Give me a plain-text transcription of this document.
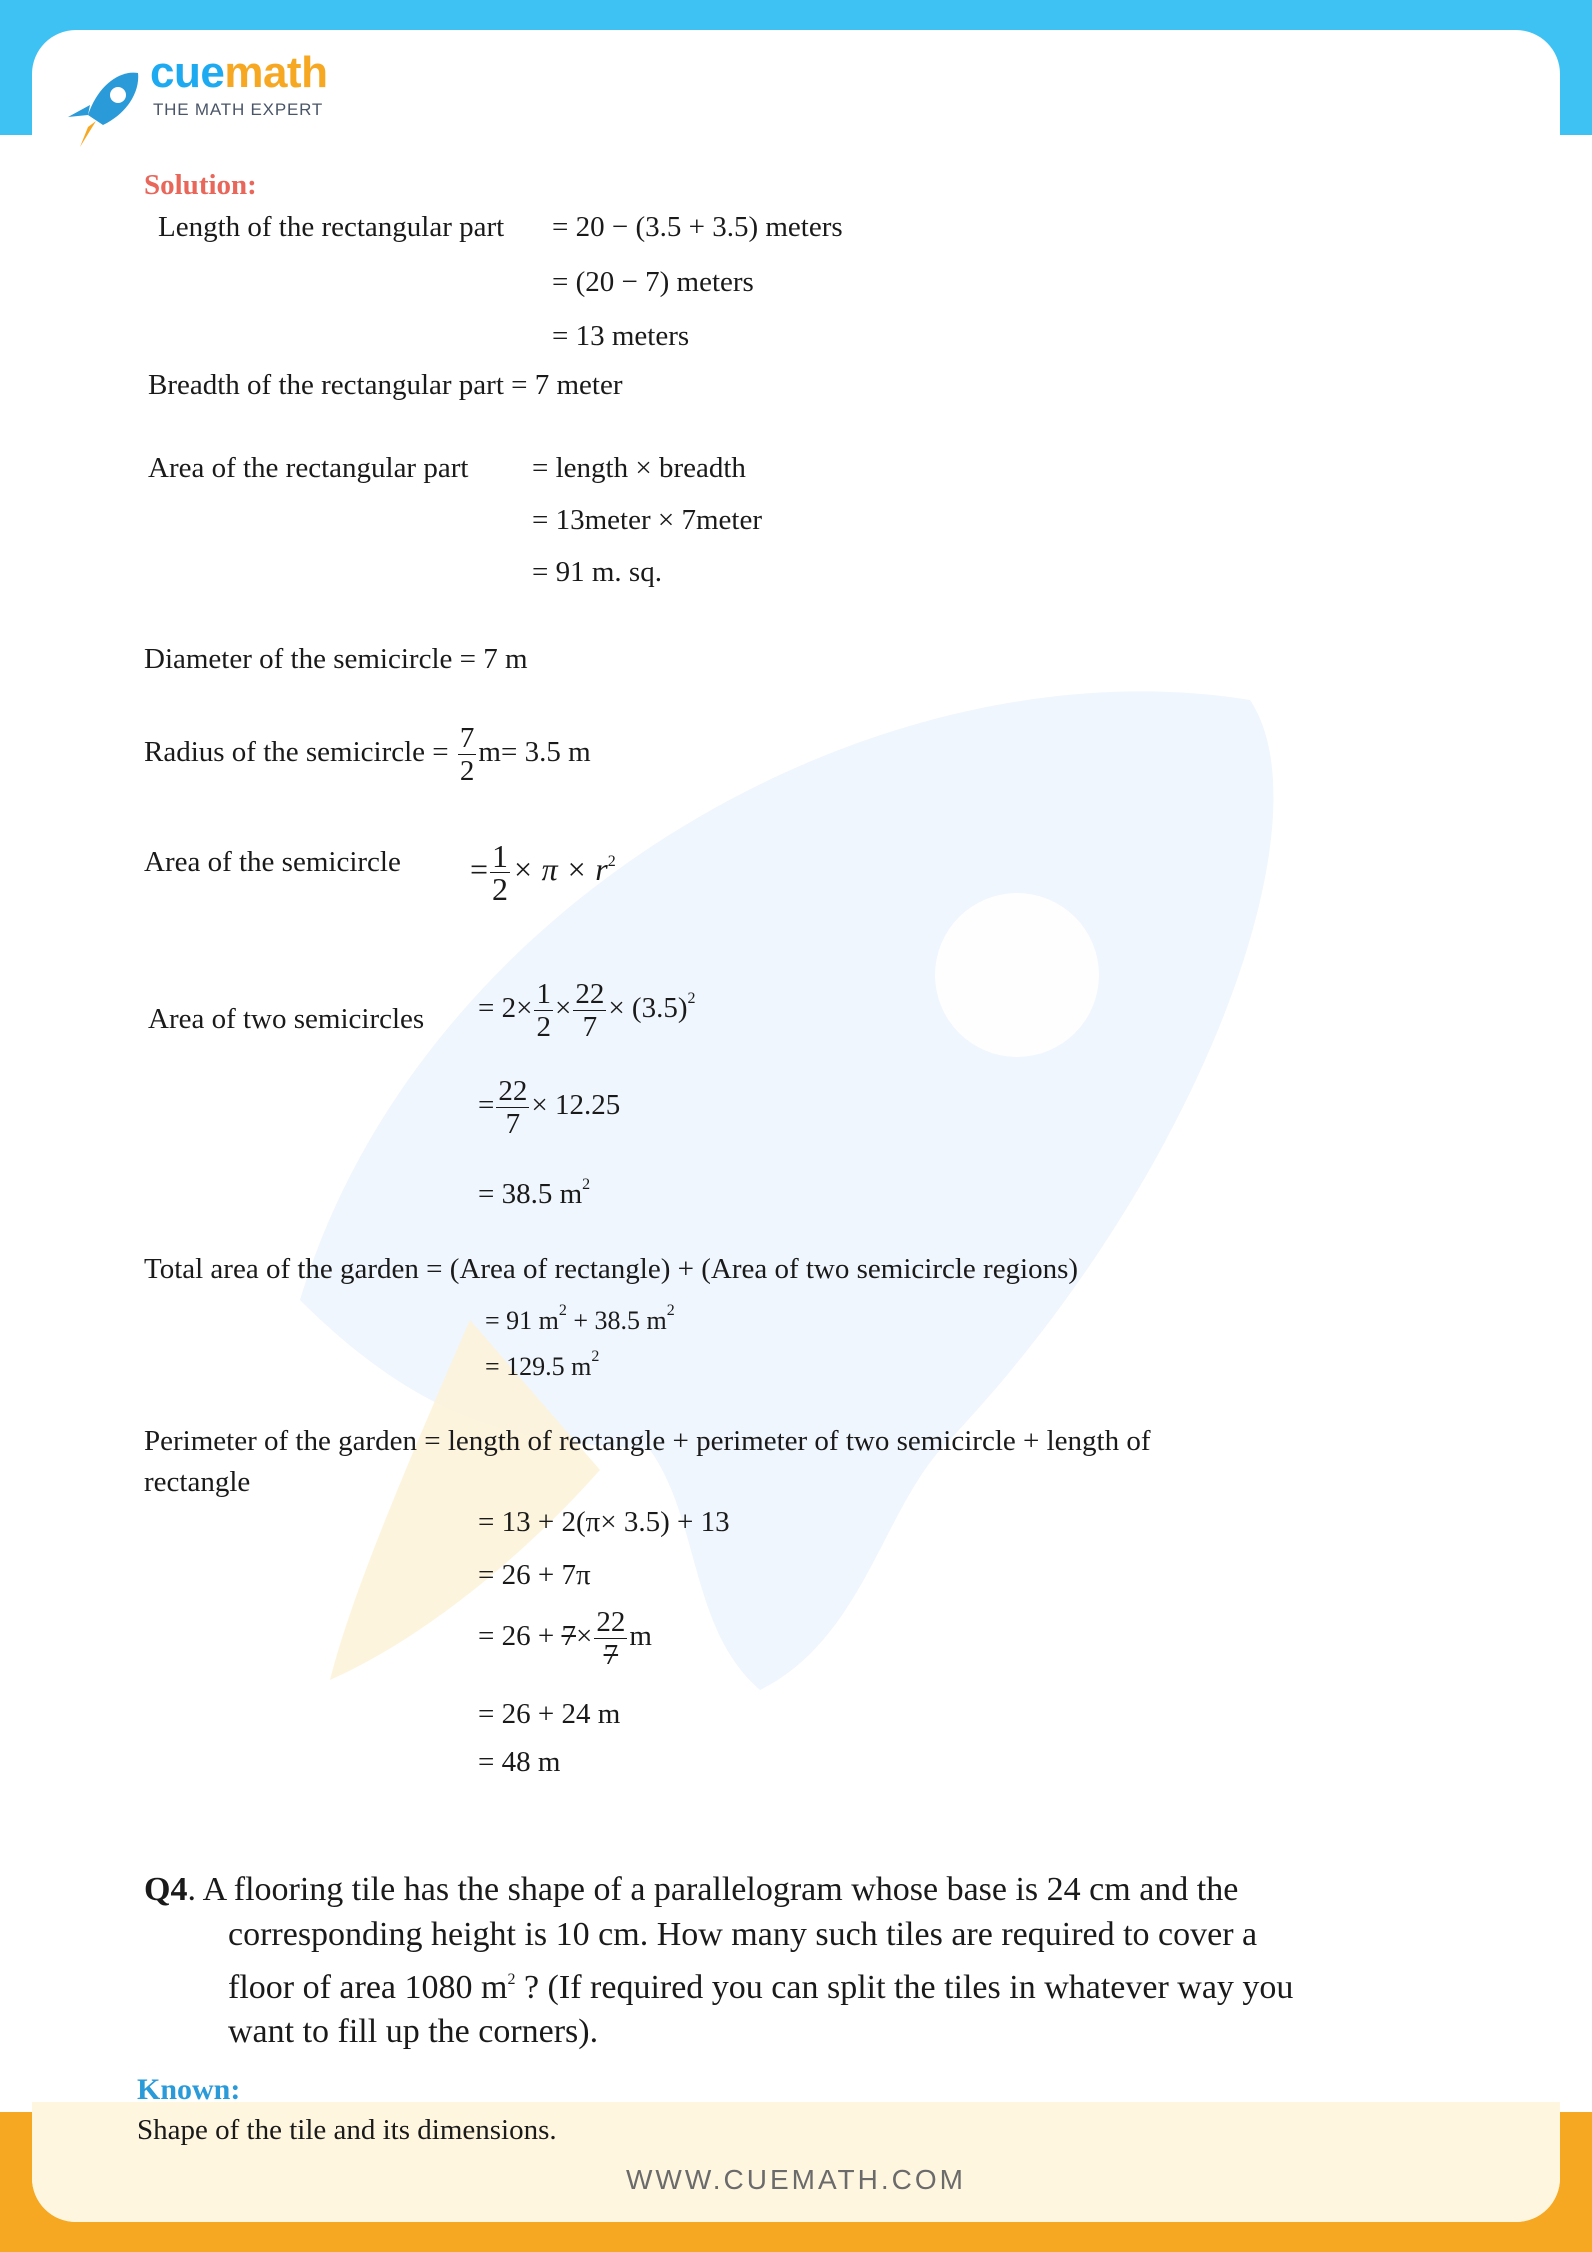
cuemath
THE MATH EXPERT
Solution:
Length of the rectangular part = 20 − (3.5 + 3.5) meters
= (20 − 7) meters
= 13 meters
Breadth of the rectangular part = 7 meter
Area of the rectangular part = length × breadth
= 13meter × 7meter
= 91 m. sq.
Diameter of the semicircle = 7 m
Radius of the semicircle = $\frac{7}{2} m= 3.5$ m
Area of the semicircle = $\frac{1}{2} \times \pi \times r^2$
Area of two semicircles = $2\times \frac{1}{2} \times \frac{22}{7} \times (3.5)^2$
= $\frac{22}{7} \times 12.25$
= 38.5 $m^2$
Total area of the garden = (Area of rectangle) + (Area of two semicircle regions)
= 91 $m^2 + 38.5$ $m^2$
= 129.5 $m^2$
Perimeter of the garden = length of rectangle + perimeter of two semicircle + length of
rectangle
= 13 + 2(π× 3.5) + 13
= 26 + 7π
= $26 + 7\times \frac{22}{7}$ m
= 26 + 24 m
= 48 m
Q4. A flooring tile has the shape of a parallelogram whose base is 24 cm and the
corresponding height is 10 cm. How many such tiles are required to cover a
floor of area 1080 $m^2$ ? (If required you can split the tiles in whatever way you
want to fill up the corners).
Known:
Shape of the tile and its dimensions.
WWW.CUEMATH.COM
